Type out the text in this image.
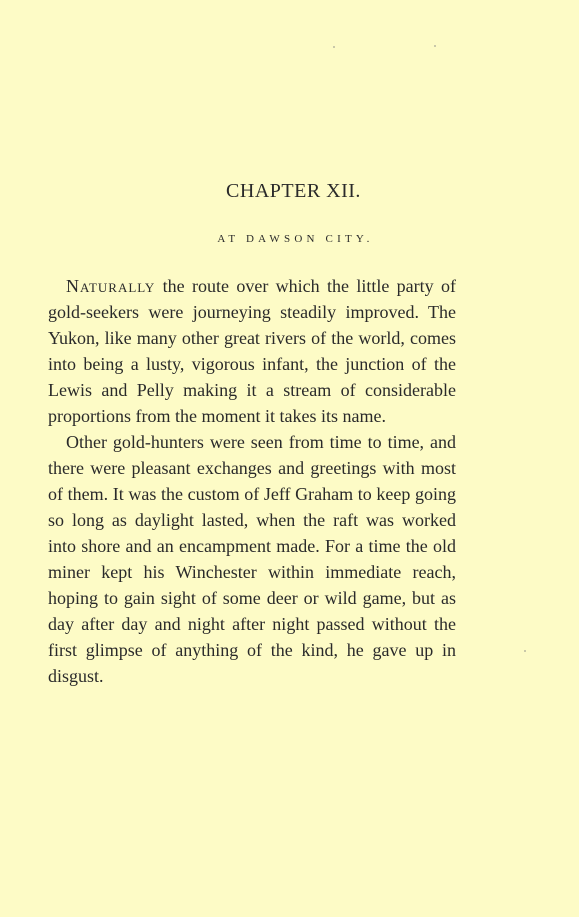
CHAPTER XII.
AT DAWSON CITY.

Naturally the route over which the little party of gold-seekers were journeying steadily improved. The Yukon, like many other great rivers of the world, comes into being a lusty, vigorous infant, the junction of the Lewis and Pelly making it a stream of considerable proportions from the moment it takes its name.

Other gold-hunters were seen from time to time, and there were pleasant exchanges and greetings with most of them. It was the custom of Jeff Graham to keep going so long as daylight lasted, when the raft was worked into shore and an encampment made. For a time the old miner kept his Winchester within immediate reach, hoping to gain sight of some deer or wild game, but as day after day and night after night passed without the first glimpse of anything of the kind, he gave up in disgust.
